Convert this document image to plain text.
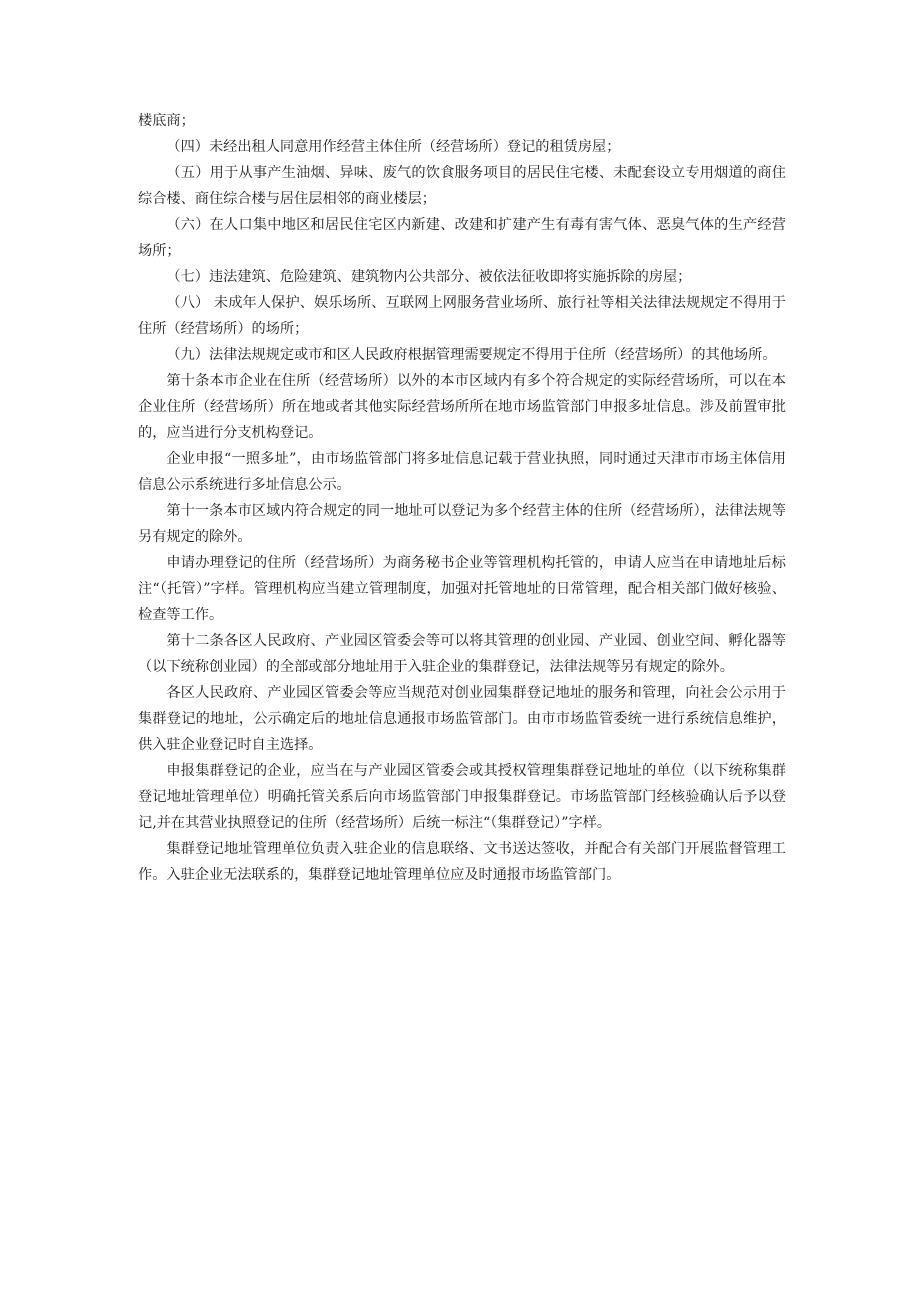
楼底商；

（四）未经出租人同意用作经营主体住所（经营场所）登记的租赁房屋；

（五）用于从事产生油烟、异味、废气的饮食服务项目的居民住宅楼、未配套设立专用烟道的商住综合楼、商住综合楼与居住层相邻的商业楼层；

（六）在人口集中地区和居民住宅区内新建、改建和扩建产生有毒有害气体、恶臭气体的生产经营场所；

（七）违法建筑、危险建筑、建筑物内公共部分、被依法征收即将实施拆除的房屋；

（八） 未成年人保护、娱乐场所、互联网上网服务营业场所、旅行社等相关法律法规规定不得用于住所（经营场所）的场所；

（九）法律法规规定或市和区人民政府根据管理需要规定不得用于住所（经营场所）的其他场所。

第十条本市企业在住所（经营场所）以外的本市区域内有多个符合规定的实际经营场所，可以在本企业住所（经营场所）所在地或者其他实际经营场所所在地市场监管部门申报多址信息。涉及前置审批的，应当进行分支机构登记。

企业申报“一照多址”，由市场监管部门将多址信息记载于营业执照，同时通过天津市市场主体信用信息公示系统进行多址信息公示。

第十一条本市区域内符合规定的同一地址可以登记为多个经营主体的住所（经营场所），法律法规等另有规定的除外。

申请办理登记的住所（经营场所）为商务秘书企业等管理机构托管的，申请人应当在申请地址后标注“（托管）”字样。管理机构应当建立管理制度，加强对托管地址的日常管理，配合相关部门做好核验、检查等工作。

第十二条各区人民政府、产业园区管委会等可以将其管理的创业园、产业园、创业空间、孵化器等（以下统称创业园）的全部或部分地址用于入驻企业的集群登记，法律法规等另有规定的除外。

各区人民政府、产业园区管委会等应当规范对创业园集群登记地址的服务和管理，向社会公示用于集群登记的地址，公示确定后的地址信息通报市场监管部门。由市市场监管委统一进行系统信息维护，供入驻企业登记时自主选择。

申报集群登记的企业，应当在与产业园区管委会或其授权管理集群登记地址的单位（以下统称集群登记地址管理单位）明确托管关系后向市场监管部门申报集群登记。市场监管部门经核验确认后予以登记,并在其营业执照登记的住所（经营场所）后统一标注“（集群登记）”字样。

集群登记地址管理单位负责入驻企业的信息联络、文书送达签收，并配合有关部门开展监督管理工作。入驻企业无法联系的，集群登记地址管理单位应及时通报市场监管部门。
